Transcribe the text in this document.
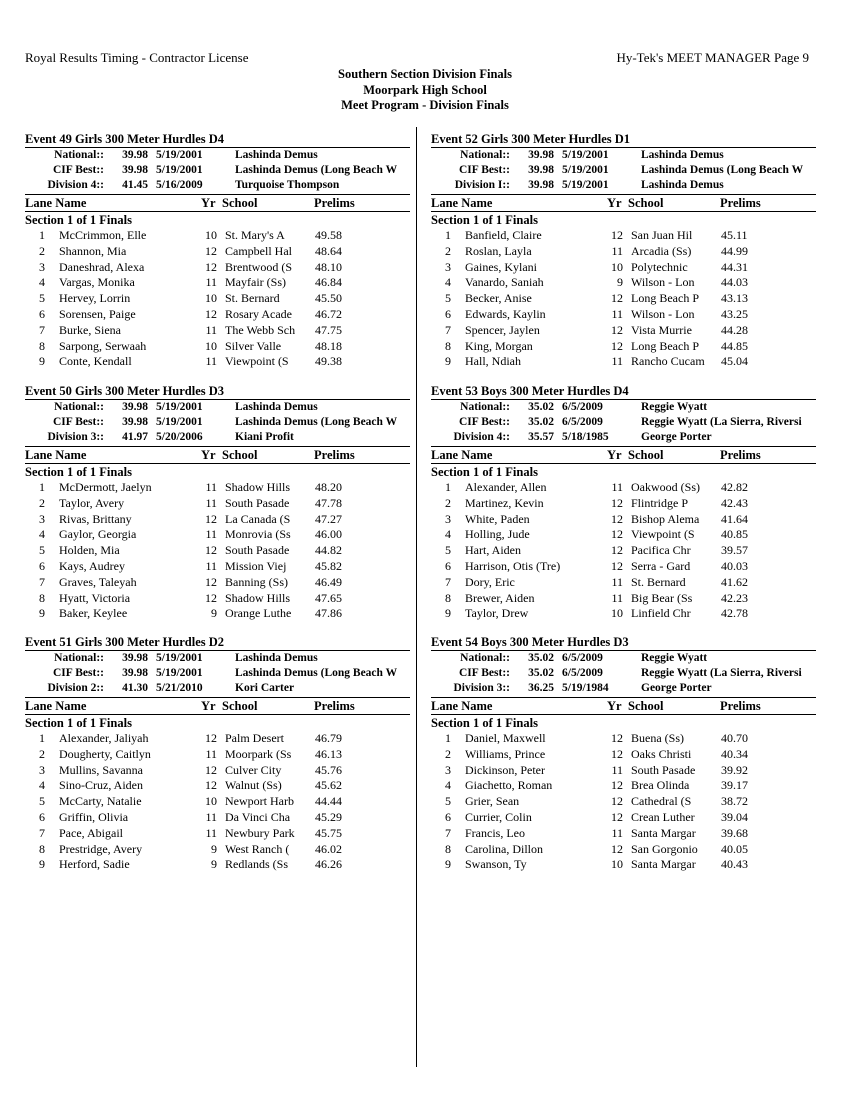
Royal Results Timing - Contractor License	Hy-Tek's MEET MANAGER Page 9
Southern Section Division Finals
Moorpark High School
Meet Program - Division Finals
Event 49 Girls 300 Meter Hurdles D4
National::	39.98 5/19/2001	Lashinda Demus
CIF Best::	39.98 5/19/2001	Lashinda Demus (Long Beach W
Division 4::	41.45 5/16/2009	Turquoise Thompson
Lane Name	Yr School	Prelims
Section 1 of 1 Finals
1 McCrimmon, Elle	10 St. Mary's A	49.58
2 Shannon, Mia	12 Campbell Hal	48.64
3 Daneshrad, Alexa	12 Brentwood (S	48.10
4 Vargas, Monika	11 Mayfair (Ss)	46.84
5 Hervey, Lorrin	10 St. Bernard	45.50
6 Sorensen, Paige	12 Rosary Acade	46.72
7 Burke, Siena	11 The Webb Sch	47.75
8 Sarpong, Serwaah	10 Silver Valle	48.18
9 Conte, Kendall	11 Viewpoint (S	49.38
Event 50 Girls 300 Meter Hurdles D3
National::	39.98 5/19/2001	Lashinda Demus
CIF Best::	39.98 5/19/2001	Lashinda Demus (Long Beach W
Division 3::	41.97 5/20/2006	Kiani Profit
Lane Name	Yr School	Prelims
Section 1 of 1 Finals
1 McDermott, Jaelyn	11 Shadow Hills	48.20
2 Taylor, Avery	11 South Pasade	47.78
3 Rivas, Brittany	12 La Canada (S	47.27
4 Gaylor, Georgia	11 Monrovia (Ss	46.00
5 Holden, Mia	12 South Pasade	44.82
6 Kays, Audrey	11 Mission Viej	45.82
7 Graves, Taleyah	12 Banning (Ss)	46.49
8 Hyatt, Victoria	12 Shadow Hills	47.65
9 Baker, Keylee	9 Orange Luthe	47.86
Event 51 Girls 300 Meter Hurdles D2
National::	39.98 5/19/2001	Lashinda Demus
CIF Best::	39.98 5/19/2001	Lashinda Demus (Long Beach W
Division 2::	41.30 5/21/2010	Kori Carter
Lane Name	Yr School	Prelims
Section 1 of 1 Finals
1 Alexander, Jaliyah	12 Palm Desert	46.79
2 Dougherty, Caitlyn	11 Moorpark (Ss	46.13
3 Mullins, Savanna	12 Culver City	45.76
4 Sino-Cruz, Aiden	12 Walnut (Ss)	45.62
5 McCarty, Natalie	10 Newport Harb	44.44
6 Griffin, Olivia	11 Da Vinci Cha	45.29
7 Pace, Abigail	11 Newbury Park	45.75
8 Prestridge, Avery	9 West Ranch (	46.02
9 Herford, Sadie	9 Redlands (Ss	46.26
Event 52 Girls 300 Meter Hurdles D1
National::	39.98 5/19/2001	Lashinda Demus
CIF Best::	39.98 5/19/2001	Lashinda Demus (Long Beach W
Division I::	39.98 5/19/2001	Lashinda Demus
Lane Name	Yr School	Prelims
Section 1 of 1 Finals
1 Banfield, Claire	12 San Juan Hil	45.11
2 Roslan, Layla	11 Arcadia (Ss)	44.99
3 Gaines, Kylani	10 Polytechnic	44.31
4 Vanardo, Saniah	9 Wilson - Lon	44.03
5 Becker, Anise	12 Long Beach P	43.13
6 Edwards, Kaylin	11 Wilson - Lon	43.25
7 Spencer, Jaylen	12 Vista Murrie	44.28
8 King, Morgan	12 Long Beach P	44.85
9 Hall, Ndiah	11 Rancho Cucam	45.04
Event 53 Boys 300 Meter Hurdles D4
National::	35.02 6/5/2009	Reggie Wyatt
CIF Best::	35.02 6/5/2009	Reggie Wyatt (La Sierra, Riversi
Division 4::	35.57 5/18/1985	George Porter
Lane Name	Yr School	Prelims
Section 1 of 1 Finals
1 Alexander, Allen	11 Oakwood (Ss)	42.82
2 Martinez, Kevin	12 Flintridge P	42.43
3 White, Paden	12 Bishop Alema	41.64
4 Holling, Jude	12 Viewpoint (S	40.85
5 Hart, Aiden	12 Pacifica Chr	39.57
6 Harrison, Otis (Tre)	12 Serra - Gard	40.03
7 Dory, Eric	11 St. Bernard	41.62
8 Brewer, Aiden	11 Big Bear (Ss	42.23
9 Taylor, Drew	10 Linfield Chr	42.78
Event 54 Boys 300 Meter Hurdles D3
National::	35.02 6/5/2009	Reggie Wyatt
CIF Best::	35.02 6/5/2009	Reggie Wyatt (La Sierra, Riversi
Division 3::	36.25 5/19/1984	George Porter
Lane Name	Yr School	Prelims
Section 1 of 1 Finals
1 Daniel, Maxwell	12 Buena (Ss)	40.70
2 Williams, Prince	12 Oaks Christi	40.34
3 Dickinson, Peter	11 South Pasade	39.92
4 Giachetto, Roman	12 Brea Olinda	39.17
5 Grier, Sean	12 Cathedral (S	38.72
6 Currier, Colin	12 Crean Luther	39.04
7 Francis, Leo	11 Santa Margar	39.68
8 Carolina, Dillon	12 San Gorgonio	40.05
9 Swanson, Ty	10 Santa Margar	40.43
